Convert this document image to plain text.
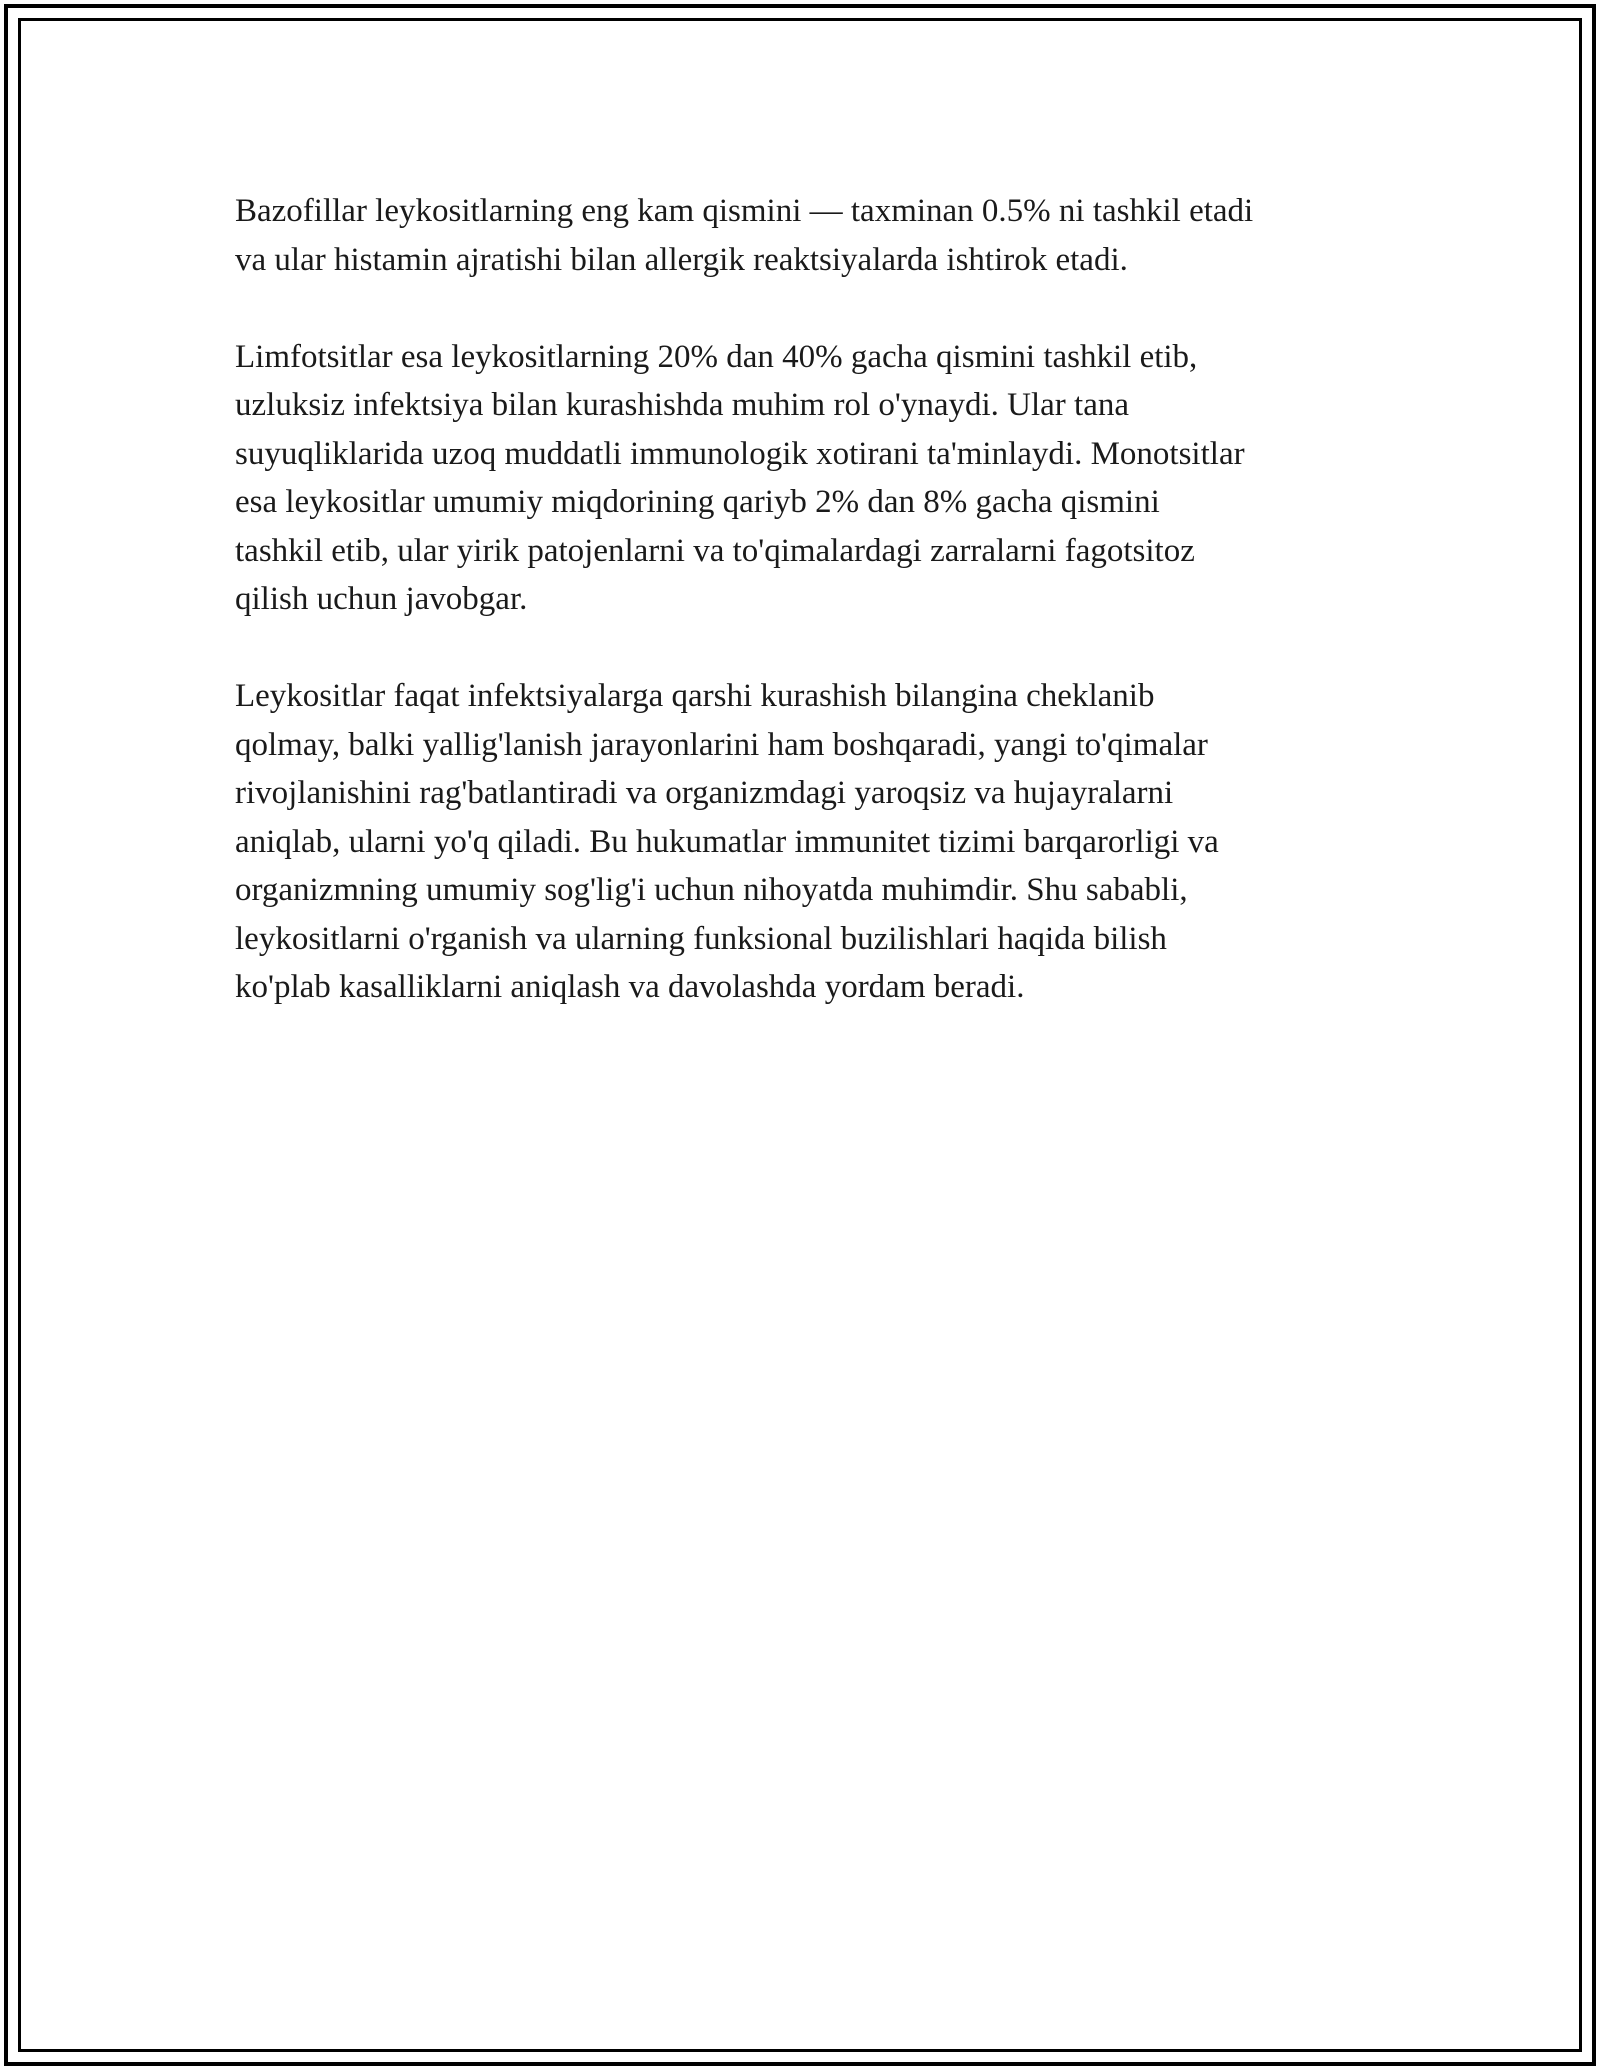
Bazofillar leykositlarning eng kam qismini — taxminan 0.5% ni tashkil etadi
va ular histamin ajratishi bilan allergik reaktsiyalarda ishtirok etadi.

Limfotsitlar esa leykositlarning 20% dan 40% gacha qismini tashkil etib,
uzluksiz infektsiya bilan kurashishda muhim rol o'ynaydi. Ular tana
suyuqliklarida uzoq muddatli immunologik xotirani ta'minlaydi. Monotsitlar
esa leykositlar umumiy miqdorining qariyb 2% dan 8% gacha qismini
tashkil etib, ular yirik patojenlarni va to'qimalardagi zarralarni fagotsitoz
qilish uchun javobgar.

Leykositlar faqat infektsiyalarga qarshi kurashish bilangina cheklanib
qolmay, balki yallig'lanish jarayonlarini ham boshqaradi, yangi to'qimalar
rivojlanishini rag'batlantiradi va organizmdagi yaroqsiz va hujayralarni
aniqlab, ularni yo'q qiladi. Bu hukumatlar immunitet tizimi barqarorligi va
organizmning umumiy sog'lig'i uchun nihoyatda muhimdir. Shu sababli,
leykositlarni o'rganish va ularning funksional buzilishlari haqida bilish
ko'plab kasalliklarni aniqlash va davolashda yordam beradi.
